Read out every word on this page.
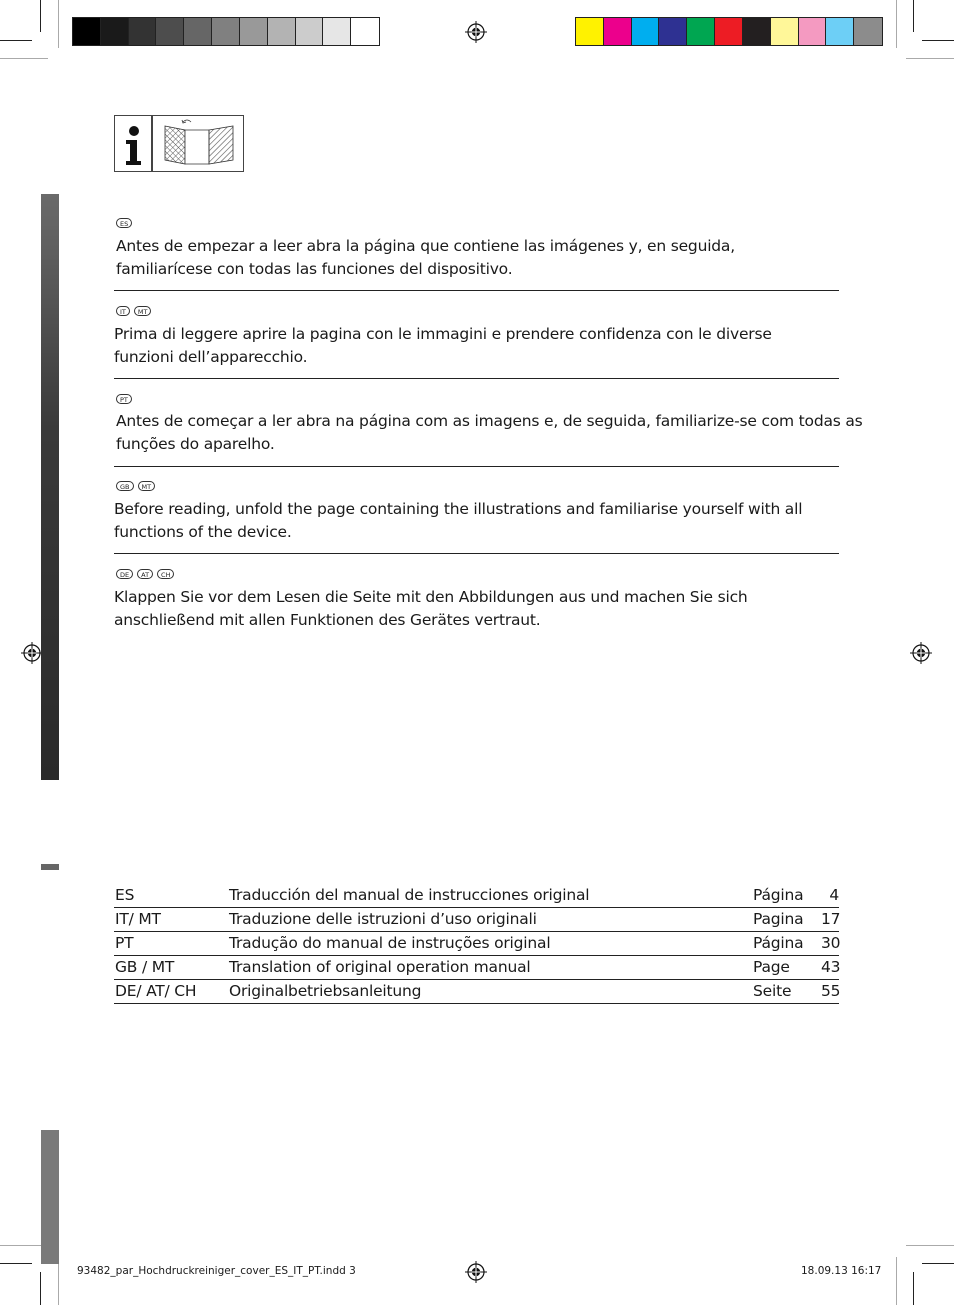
ES
Antes de empezar a leer abra la página que contiene las imágenes y, en seguida, familiarícese con todas las funciones del dispositivo.
IT	MT
Prima di leggere aprire la pagina con le immagini e prendere confidenza con le diverse funzioni dell’apparecchio.
PT
Antes de começar a ler abra na página com as imagens e, de seguida, familiarize-se com todas as funções do aparelho.
GB	MT
Before reading, unfold the page containing the illustrations and familiarise yourself with all functions of the device.
DE	AT	CH
Klappen Sie vor dem Lesen die Seite mit den Abbildungen aus und machen Sie sich anschließend mit allen Funktionen des Gerätes vertraut.
ES	Traducción del manual de instrucciones original	Página	4
IT/ MT	Traduzione delle istruzioni d’uso originali	Pagina	17
PT	Tradução do manual de instruções original	Página	30
GB / MT	Translation of original operation manual	Page	43
DE/ AT/ CH	Originalbetriebsanleitung	Seite	55
93482_par_Hochdruckreiniger_cover_ES_IT_PT.indd 3	18.09.13 16:17
